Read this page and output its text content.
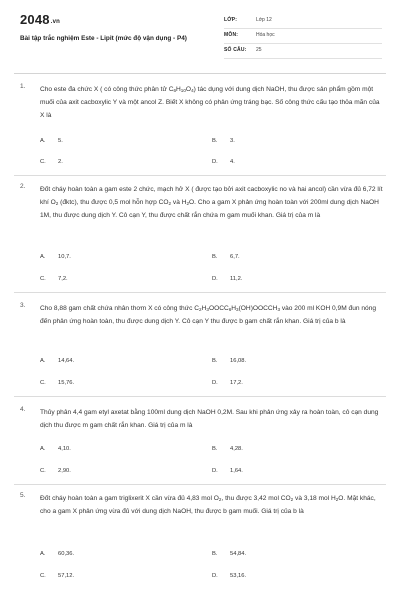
2048.vn
Bài tập trắc nghiệm Este - Lipit (mức độ vận dụng - P4)
LỚP:	Lớp 12
MÔN:	Hóa học
SỐ CÂU: 25
1. Cho este đa chức X ( có công thức phân tử $C_6H_{10}O_4$) tác dụng với dung dịch NaOH, thu được sản phẩm gồm một muối của axit cacboxylic Y và một ancol Z. Biết X không có phản ứng tráng bạc. Số công thức cấu tạo thỏa mãn của X là
A. 5.	B. 3.
C. 2.	D. 4.
2. Đốt cháy hoàn toàn a gam este 2 chức, mạch hở X ( được tạo bởi axit cacboxylic no và hai ancol) cần vừa đủ 6,72 lít khí $O_2$ (đktc), thu được 0,5 mol hỗn hợp $CO_2$ và $H_2O$. Cho a gam X phản ứng hoàn toàn với 200ml dung dịch NaOH 1M, thu được dung dịch Y. Cô cạn Y, thu được chất rắn chứa m gam muối khan. Giá trị của m là
A. 10,7.	B. 6,7.
C. 7,2.	D. 11,2.
3. Cho 8,88 gam chất chứa nhân thơm X có công thức $C_2H_3OOCC_6H_3(OH)OOCCH_3$ vào 200 ml KOH 0,9M đun nóng đến phản ứng hoàn toàn, thu được dung dịch Y. Cô cạn Y thu được b gam chất rắn khan. Giá trị của b là
A. 14,64.	B. 16,08.
C. 15,76.	D. 17,2.
4. Thủy phân 4,4 gam etyl axetat bằng 100ml dung dịch NaOH 0,2M. Sau khi phản ứng xảy ra hoàn toàn, cô cạn dung dịch thu được m gam chất rắn khan. Giá trị của m là
A. 4,10.	B. 4,28.
C. 2,90.	D. 1,64.
5. Đốt cháy hoàn toàn a gam triglixerit X cần vừa đủ 4,83 mol $O_2$, thu được 3,42 mol $CO_2$ và 3,18 mol $H_2O$. Mặt khác, cho a gam X phản ứng vừa đủ với dung dịch NaOH, thu được b gam muối. Giá trị của b là
A. 60,36.	B. 54,84.
C. 57,12.	D. 53,16.
